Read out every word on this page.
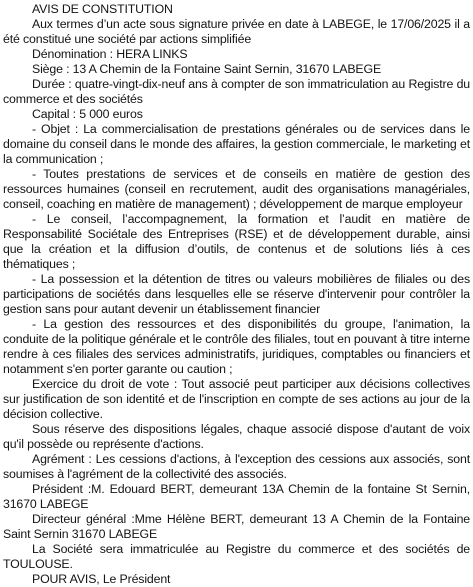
AVIS DE CONSTITUTION

Aux termes d’un acte sous signature privée en date à LABEGE, le 17/06/2025 il a été constitué une société par actions simplifiée

Dénomination : HERA LINKS

Siège : 13 A Chemin de la Fontaine Saint Sernin, 31670 LABEGE

Durée : quatre-vingt-dix-neuf ans à compter de son immatriculation au Registre du commerce et des sociétés

Capital : 5 000 euros

- Objet : La commercialisation de prestations générales ou de services dans le domaine du conseil dans le monde des affaires, la gestion commerciale, le marketing et la communication ;

- Toutes prestations de services et de conseils en matière de gestion des ressources humaines (conseil en recrutement, audit des organisations managériales, conseil, coaching en matière de management) ; développement de marque employeur

- Le conseil, l’accompagnement, la formation et l’audit en matière de Responsabilité Sociétale des Entreprises (RSE) et de développement durable, ainsi que la création et la diffusion d’outils, de contenus et de solutions liés à ces thématiques ;

- La possession et la détention de titres ou valeurs mobilières de filiales ou des participations de sociétés dans lesquelles elle se réserve d'intervenir pour contrôler la gestion sans pour autant devenir un établissement financier

- La gestion des ressources et des disponibilités du groupe, l'animation, la conduite de la politique générale et le contrôle des filiales, tout en pouvant à titre interne rendre à ces filiales des services administratifs, juridiques, comptables ou financiers et notamment s'en porter garante ou caution ;

Exercice du droit de vote : Tout associé peut participer aux décisions collectives sur justification de son identité et de l'inscription en compte de ses actions au jour de la décision collective.

Sous réserve des dispositions légales, chaque associé dispose d'autant de voix qu'il possède ou représente d'actions.

Agrément : Les cessions d'actions, à l'exception des cessions aux associés, sont soumises à l'agrément de la collectivité des associés.

Président :M. Edouard BERT, demeurant 13A Chemin de la fontaine St Sernin, 31670 LABEGE

Directeur général :Mme Hélène BERT, demeurant 13 A Chemin de la Fontaine Saint Sernin 31670 LABEGE

La Société sera immatriculée au Registre du commerce et des sociétés de TOULOUSE.

POUR AVIS, Le Président
